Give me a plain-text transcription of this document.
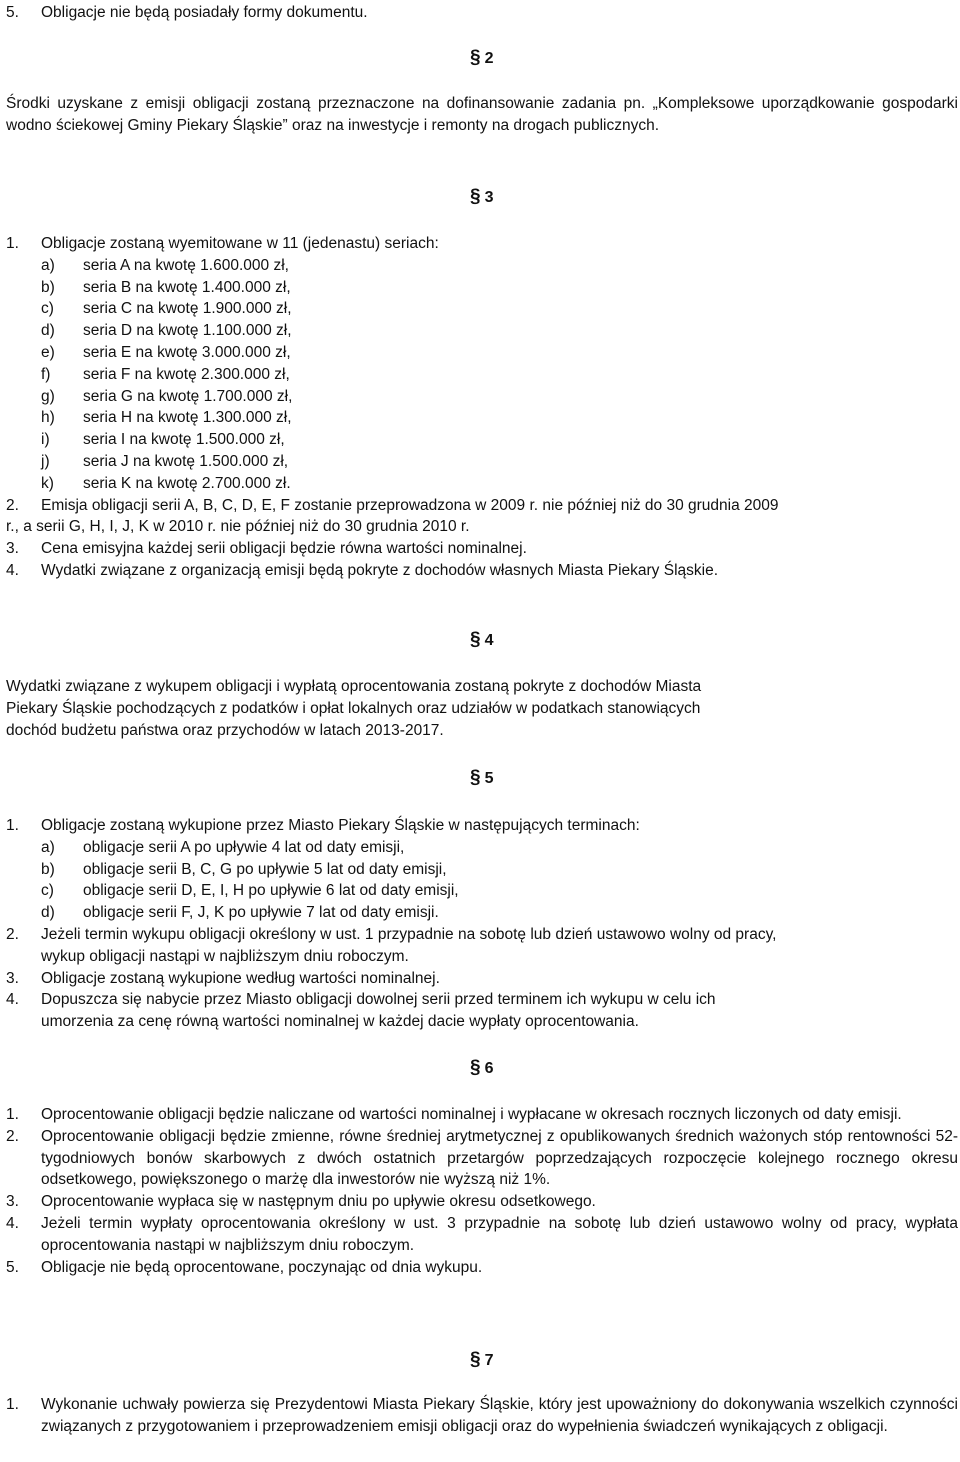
5.	Obligacje nie będą posiadały formy dokumentu.
§ 2
Środki uzyskane z emisji obligacji zostaną przeznaczone na dofinansowanie zadania pn. „Kompleksowe uporządkowanie gospodarki wodno ściekowej Gminy Piekary Śląskie” oraz na inwestycje i remonty na drogach publicznych.
§ 3
1.	Obligacje zostaną wyemitowane w 11 (jedenastu) seriach:
a)	seria A na kwotę 1.600.000 zł,
b)	seria B na kwotę 1.400.000 zł,
c)	seria C na kwotę 1.900.000 zł,
d)	seria D na kwotę 1.100.000 zł,
e)	seria E na kwotę 3.000.000 zł,
f)	seria F na kwotę 2.300.000 zł,
g)	seria G na kwotę 1.700.000 zł,
h)	seria H na kwotę 1.300.000 zł,
i)	seria I na kwotę 1.500.000 zł,
j)	seria J na kwotę 1.500.000 zł,
k)	seria K na kwotę 2.700.000 zł.
2.	Emisja obligacji serii A, B, C, D, E, F zostanie przeprowadzona w 2009 r. nie później niż do 30 grudnia 2009
r., a serii G, H, I, J, K w 2010 r. nie później niż do 30 grudnia 2010 r.
3.	Cena emisyjna każdej serii obligacji będzie równa wartości nominalnej.
4.	Wydatki związane z organizacją emisji będą pokryte z dochodów własnych Miasta Piekary Śląskie.
§ 4
Wydatki związane z wykupem obligacji i wypłatą oprocentowania zostaną pokryte z dochodów Miasta
Piekary Śląskie pochodzących z podatków i opłat lokalnych oraz udziałów w podatkach stanowiących
dochód budżetu państwa oraz przychodów w latach 2013-2017.
§ 5
1.	Obligacje zostaną wykupione przez Miasto Piekary Śląskie w następujących terminach:
a)	obligacje serii A po upływie 4 lat od daty emisji,
b)	obligacje serii B, C, G po upływie 5 lat od daty emisji,
c)	obligacje serii D, E, I, H po upływie 6 lat od daty emisji,
d)	obligacje serii F, J, K po upływie 7 lat od daty emisji.
2.	Jeżeli termin wykupu obligacji określony w ust. 1 przypadnie na sobotę lub dzień ustawowo wolny od pracy,
wykup obligacji nastąpi w najbliższym dniu roboczym.
3.	Obligacje zostaną wykupione według wartości nominalnej.
4.	Dopuszcza się nabycie przez Miasto obligacji dowolnej serii przed terminem ich wykupu w celu ich
umorzenia za cenę równą wartości nominalnej w każdej dacie wypłaty oprocentowania.
§ 6
1.	Oprocentowanie obligacji będzie naliczane od wartości nominalnej i wypłacane w okresach rocznych liczonych od daty emisji.
2.	Oprocentowanie obligacji będzie zmienne, równe średniej arytmetycznej z opublikowanych średnich ważonych stóp rentowności 52-tygodniowych bonów skarbowych z dwóch ostatnich przetargów poprzedzających rozpoczęcie kolejnego rocznego okresu odsetkowego, powiększonego o marżę dla inwestorów nie wyższą niż 1%.
3.	Oprocentowanie wypłaca się w następnym dniu po upływie okresu odsetkowego.
4.	Jeżeli termin wypłaty oprocentowania określony w ust. 3 przypadnie na sobotę lub dzień ustawowo wolny od pracy, wypłata oprocentowania nastąpi w najbliższym dniu roboczym.
5.	Obligacje nie będą oprocentowane, poczynając od dnia wykupu.
§ 7
1.	Wykonanie uchwały powierza się Prezydentowi Miasta Piekary Śląskie, który jest upoważniony do dokonywania wszelkich czynności związanych z przygotowaniem i przeprowadzeniem emisji obligacji oraz do wypełnienia świadczeń wynikających z obligacji.
